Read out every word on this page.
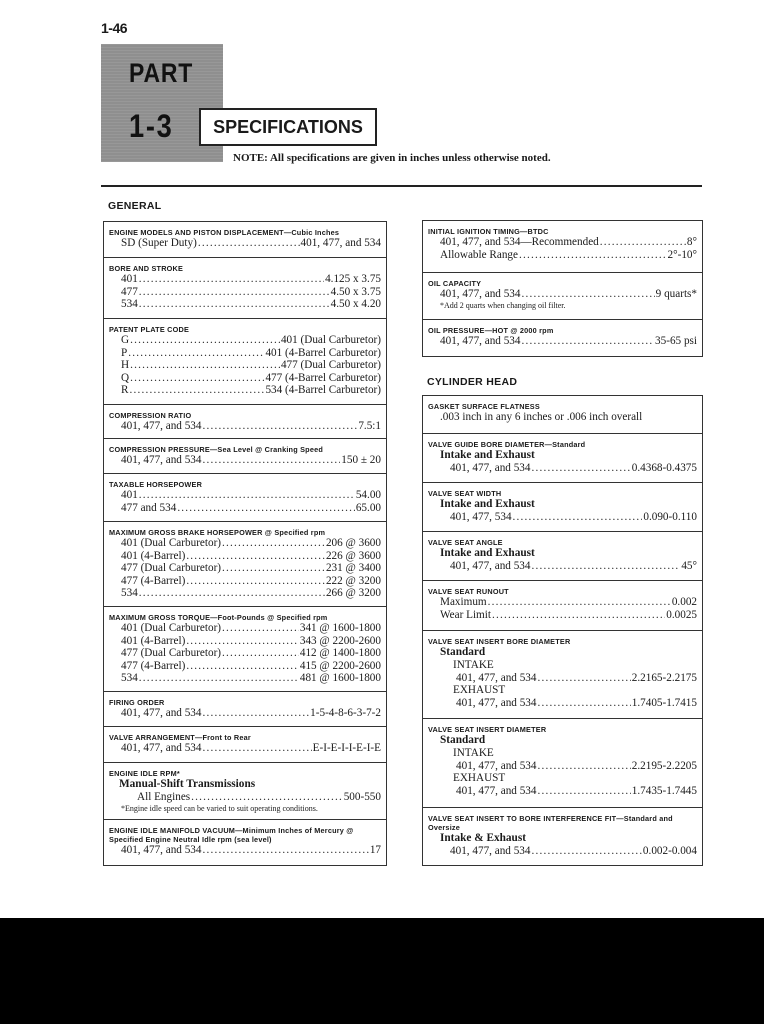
1-46
PART
1-3	SPECIFICATIONS
NOTE: All specifications are given in inches unless otherwise noted.
GENERAL
CYLINDER HEAD
ENGINE MODELS AND PISTON DISPLACEMENT—Cubic Inches
SD (Super Duty) .....	401, 477, and 534
BORE AND STROKE
401 .....	4.125 x 3.75
477 .....	4.50 x 3.75
534 .....	4.50 x 4.20
PATENT PLATE CODE
G .....	401 (Dual Carburetor)
P .....	401 (4-Barrel Carburetor)
H .....	477 (Dual Carburetor)
Q .....	477 (4-Barrel Carburetor)
R .....	534 (4-Barrel Carburetor)
COMPRESSION RATIO
401, 477, and 534 .....	7.5:1
COMPRESSION PRESSURE—Sea Level @ Cranking Speed
401, 477, and 534 .....	150 ± 20
TAXABLE HORSEPOWER
401 .....	54.00
477 and 534 .....	65.00
MAXIMUM GROSS BRAKE HORSEPOWER @ Specified rpm
401 (Dual Carburetor) .....	206 @ 3600
401 (4-Barrel) .....	226 @ 3600
477 (Dual Carburetor) .....	231 @ 3400
477 (4-Barrel) .....	222 @ 3200
534 .....	266 @ 3200
MAXIMUM GROSS TORQUE—Foot-Pounds @ Specified rpm
401 (Dual Carburetor) .....	341 @ 1600-1800
401 (4-Barrel) .....	343 @ 2200-2600
477 (Dual Carburetor) .....	412 @ 1400-1800
477 (4-Barrel) .....	415 @ 2200-2600
534 .....	481 @ 1600-1800
FIRING ORDER
401, 477, and 534 .....	1-5-4-8-6-3-7-2
VALVE ARRANGEMENT—Front to Rear
401, 477, and 534 .....	E-I-E-I-I-E-I-E
ENGINE IDLE RPM*
Manual-Shift Transmissions
All Engines .....	500-550
*Engine idle speed can be varied to suit operating conditions.
ENGINE IDLE MANIFOLD VACUUM—Minimum Inches of Mercury @ Specified Engine Neutral Idle rpm (sea level)
401, 477, and 534 .....	17
INITIAL IGNITION TIMING—BTDC
401, 477, and 534—Recommended .....	8°
Allowable Range .....	2°-10°
OIL CAPACITY
401, 477, and 534 .....	9 quarts*
*Add 2 quarts when changing oil filter.
OIL PRESSURE—HOT @ 2000 rpm
401, 477, and 534 .....	35-65 psi
GASKET SURFACE FLATNESS
.003 inch in any 6 inches or .006 inch overall
VALVE GUIDE BORE DIAMETER—Standard
Intake and Exhaust
401, 477, and 534 .....	0.4368-0.4375
VALVE SEAT WIDTH
Intake and Exhaust
401, 477, 534 .....	0.090-0.110
VALVE SEAT ANGLE
Intake and Exhaust
401, 477, and 534 .....	45°
VALVE SEAT RUNOUT
Maximum .....	0.002
Wear Limit .....	0.0025
VALVE SEAT INSERT BORE DIAMETER
Standard
INTAKE
401, 477, and 534 .....	2.2165-2.2175
EXHAUST
401, 477, and 534 .....	1.7405-1.7415
VALVE SEAT INSERT DIAMETER
Standard
INTAKE
401, 477, and 534 .....	2.2195-2.2205
EXHAUST
401, 477, and 534 .....	1.7435-1.7445
VALVE SEAT INSERT TO BORE INTERFERENCE FIT—Standard and Oversize
Intake & Exhaust
401, 477, and 534 .....	0.002-0.004
